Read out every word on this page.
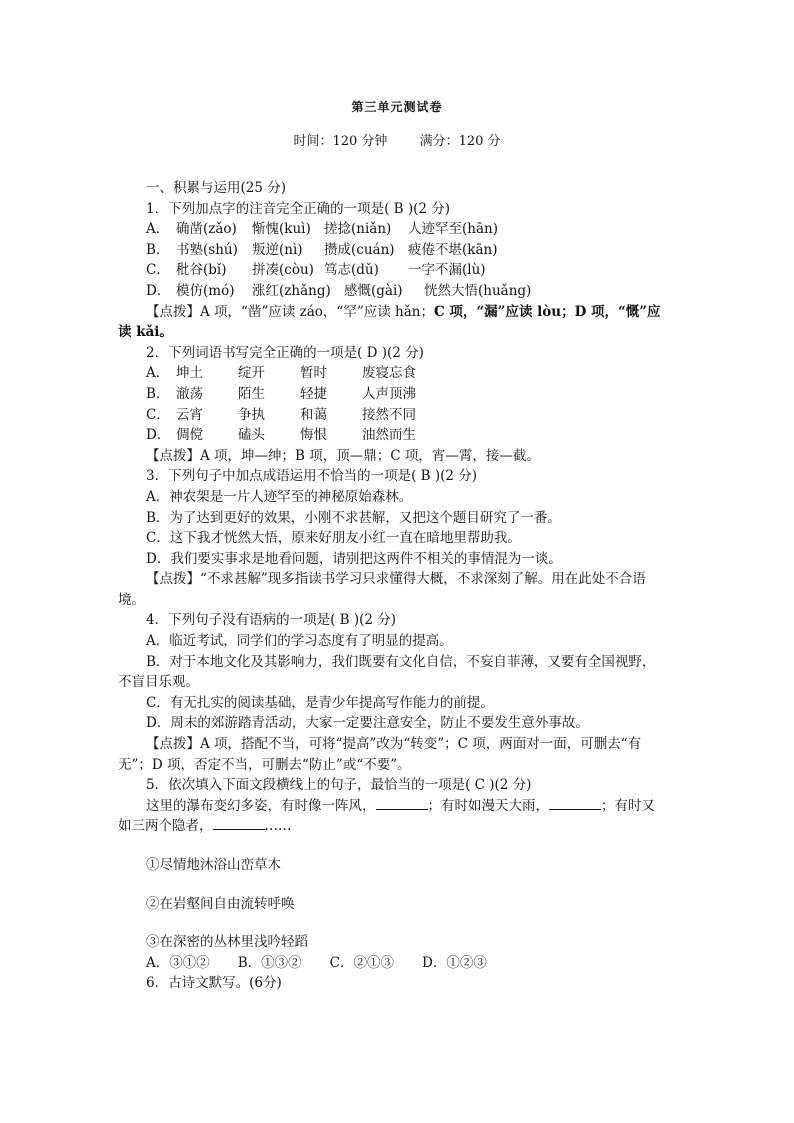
第三单元测试卷
时间：120 分钟 满分：120 分
一、积累与运用(25 分)
1．下列加点字的注音完全正确的一项是( B )(2 分)
A． 确凿(zǎo) 惭愧(kuì) 搓捻(niǎn) 人迹罕至(hān)
B． 书塾(shú) 叛逆(nì) 攒成(cuán) 疲倦不堪(kān)
C． 秕谷(bǐ) 拼凑(còu) 笃志(dǔ) 一字不漏(lù)
D． 模仿(mó) 涨红(zhǎng) 感慨(gài) 恍然大悟(huǎng)
【点拨】A 项，“凿”应读 záo，“罕”应读 hǎn；C 项，“漏”应读 lòu；D 项，“慨”应
读 kǎi。
2．下列词语书写完全正确的一项是( D )(2 分)
A． 坤土	绽开	暂时	废寝忘食
B． 澈荡	陌生	轻捷	人声顶沸
C． 云宵	争执	和蔼	接然不同
D． 倜傥	磕头	悔恨	油然而生
【点拨】A 项，坤—绅；B 项，顶—鼎；C 项，宵—霄，接—截。
3．下列句子中加点成语运用不恰当的一项是( B )(2 分)
A．神农架是一片人迹罕至的神秘原始森林。
B．为了达到更好的效果，小刚不求甚解，又把这个题目研究了一番。
C．这下我才恍然大悟，原来好朋友小红一直在暗地里帮助我。
D．我们要实事求是地看问题，请别把这两件不相关的事情混为一谈。
【点拨】“不求甚解”现多指读书学习只求懂得大概，不求深刻了解。用在此处不合语
境。
4．下列句子没有语病的一项是( B )(2 分)
A．临近考试，同学们的学习态度有了明显的提高。
B．对于本地文化及其影响力，我们既要有文化自信，不妄自菲薄，又要有全国视野，
不盲目乐观。
C．有无扎实的阅读基础，是青少年提高写作能力的前提。
D．周末的郊游踏青活动，大家一定要注意安全，防止不要发生意外事故。
【点拨】A 项，搭配不当，可将“提高”改为“转变”；C 项，两面对一面，可删去“有
无”；D 项，否定不当，可删去“防止”或“不要”。
5．依次填入下面文段横线上的句子，最恰当的一项是( C )(2 分)
这里的瀑布变幻多姿，有时像一阵风，	；有时如漫天大雨，	；有时又
如三两个隐者，	……
①尽情地沐浴山峦草木
②在岩壑间自由流转呼唤
③在深密的丛林里浅吟轻蹈
A．③①② B．①③② C．②①③ D．①②③
6．古诗文默写。(6分)
